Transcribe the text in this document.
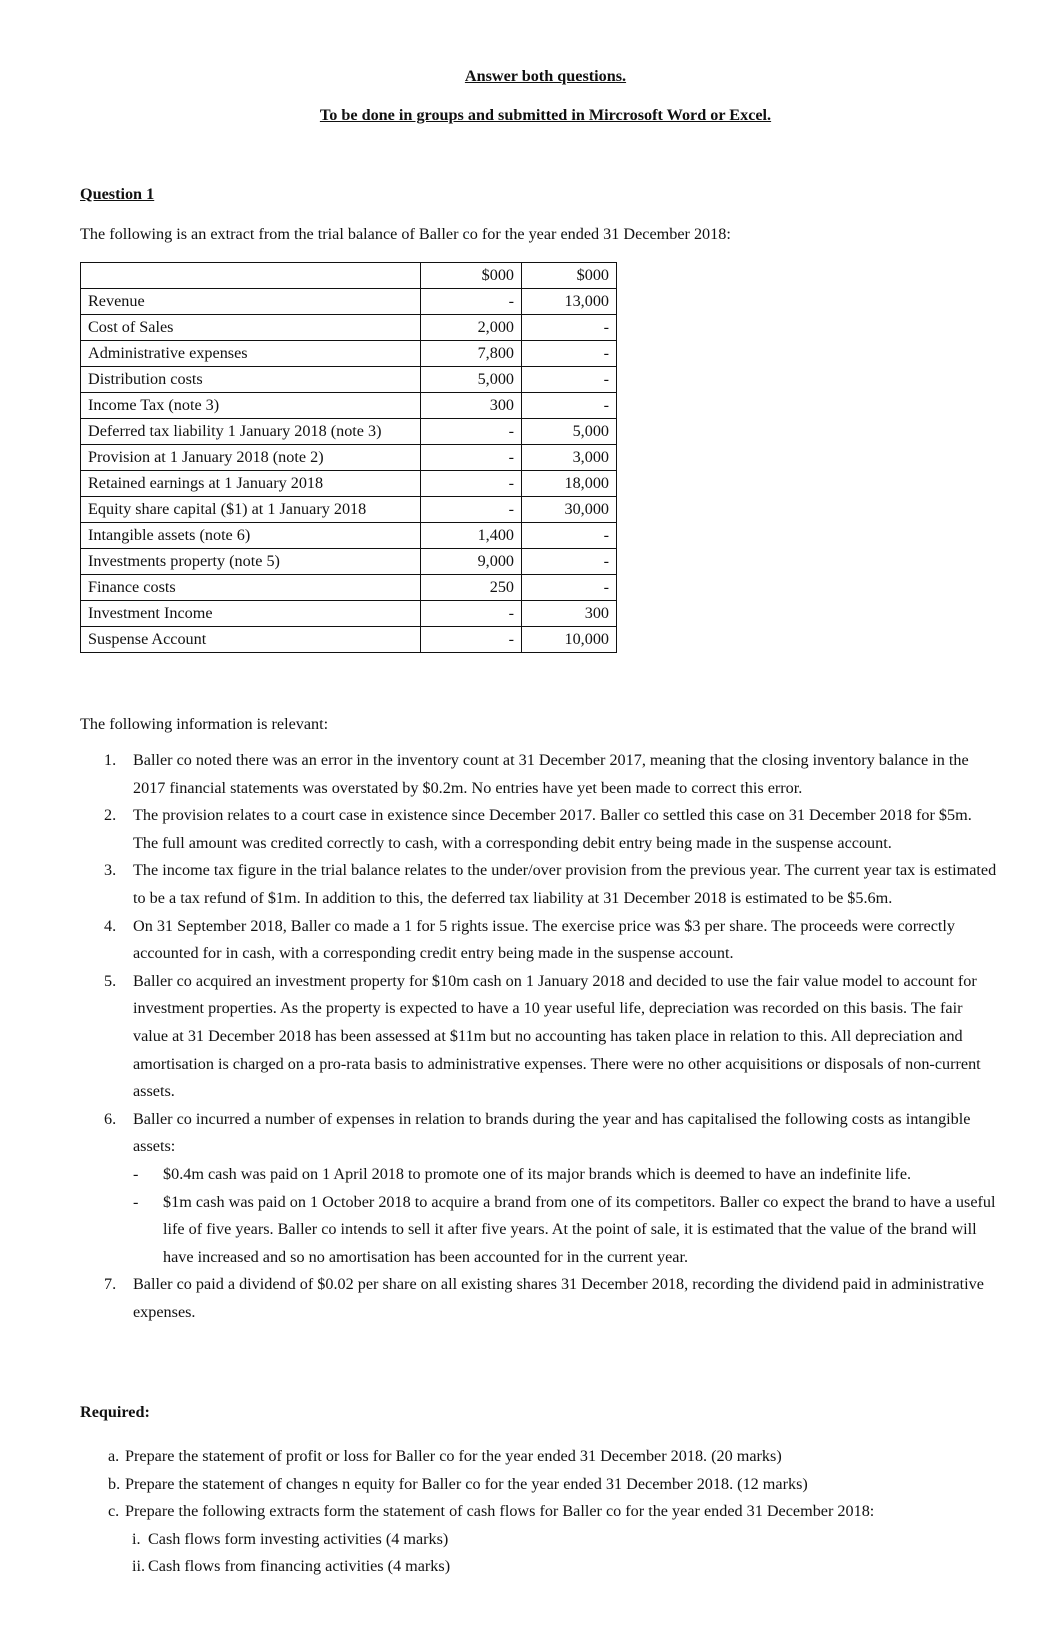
Answer both questions.
To be done in groups and submitted in Mircrosoft Word or Excel.
Question 1
The following is an extract from the trial balance of Baller co for the year ended 31 December 2018:
	$000	$000
Revenue	-	13,000
Cost of Sales	2,000	-
Administrative expenses	7,800	-
Distribution costs	5,000	-
Income Tax (note 3)	300	-
Deferred tax liability 1 January 2018 (note 3)	-	5,000
Provision at 1 January 2018 (note 2)	-	3,000
Retained earnings at 1 January 2018	-	18,000
Equity share capital ($1) at 1 January 2018	-	30,000
Intangible assets (note 6)	1,400	-
Investments property (note 5)	9,000	-
Finance costs	250	-
Investment Income	-	300
Suspense Account	-	10,000
The following information is relevant:
1. Baller co noted there was an error in the inventory count at 31 December 2017, meaning that the closing inventory balance in the 2017 financial statements was overstated by $0.2m. No entries have yet been made to correct this error.
2. The provision relates to a court case in existence since December 2017. Baller co settled this case on 31 December 2018 for $5m. The full amount was credited correctly to cash, with a corresponding debit entry being made in the suspense account.
3. The income tax figure in the trial balance relates to the under/over provision from the previous year. The current year tax is estimated to be a tax refund of $1m. In addition to this, the deferred tax liability at 31 December 2018 is estimated to be $5.6m.
4. On 31 September 2018, Baller co made a 1 for 5 rights issue. The exercise price was $3 per share. The proceeds were correctly accounted for in cash, with a corresponding credit entry being made in the suspense account.
5. Baller co acquired an investment property for $10m cash on 1 January 2018 and decided to use the fair value model to account for investment properties. As the property is expected to have a 10 year useful life, depreciation was recorded on this basis. The fair value at 31 December 2018 has been assessed at $11m but no accounting has taken place in relation to this. All depreciation and amortisation is charged on a pro-rata basis to administrative expenses. There were no other acquisitions or disposals of non-current assets.
6. Baller co incurred a number of expenses in relation to brands during the year and has capitalised the following costs as intangible assets:
- $0.4m cash was paid on 1 April 2018 to promote one of its major brands which is deemed to have an indefinite life.
- $1m cash was paid on 1 October 2018 to acquire a brand from one of its competitors. Baller co expect the brand to have a useful life of five years. Baller co intends to sell it after five years. At the point of sale, it is estimated that the value of the brand will have increased and so no amortisation has been accounted for in the current year.
7. Baller co paid a dividend of $0.02 per share on all existing shares 31 December 2018, recording the dividend paid in administrative expenses.
Required:
a. Prepare the statement of profit or loss for Baller co for the year ended 31 December 2018. (20 marks)
b. Prepare the statement of changes n equity for Baller co for the year ended 31 December 2018. (12 marks)
c. Prepare the following extracts form the statement of cash flows for Baller co for the year ended 31 December 2018:
i. Cash flows form investing activities (4 marks)
ii. Cash flows from financing activities (4 marks)
